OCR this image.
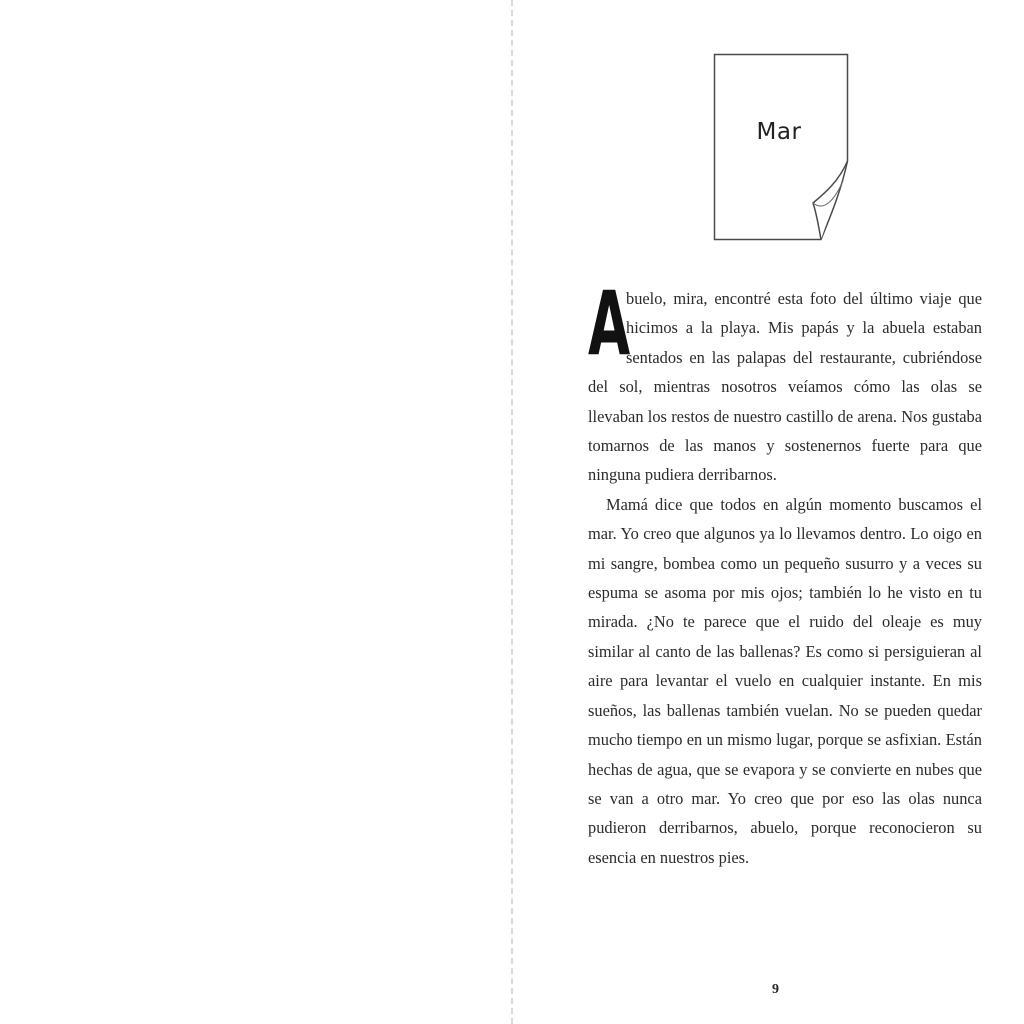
Mar

A
buelo, mira, encontré esta foto del último viaje que hicimos a la playa. Mis papás y la abuela estaban sentados en las palapas del restaurante, cubriéndose del sol, mientras nosotros veíamos cómo las olas se llevaban los restos de nuestro castillo de arena. Nos gustaba tomarnos de las manos y sostenernos fuerte para que ninguna pudiera derribarnos.

Mamá dice que todos en algún momento buscamos el mar. Yo creo que algunos ya lo llevamos dentro. Lo oigo en mi sangre, bombea como un pequeño susurro y a veces su espuma se asoma por mis ojos; también lo he visto en tu mirada. ¿No te parece que el ruido del oleaje es muy similar al canto de las ballenas? Es como si persiguieran al aire para levantar el vuelo en cualquier instante. En mis sueños, las ballenas también vuelan. No se pueden quedar mucho tiempo en un mismo lugar, porque se asfixian. Están hechas de agua, que se evapora y se convierte en nubes que se van a otro mar. Yo creo que por eso las olas nunca pudieron derribarnos, abuelo, porque reconocieron su esencia en nuestros pies.

9
